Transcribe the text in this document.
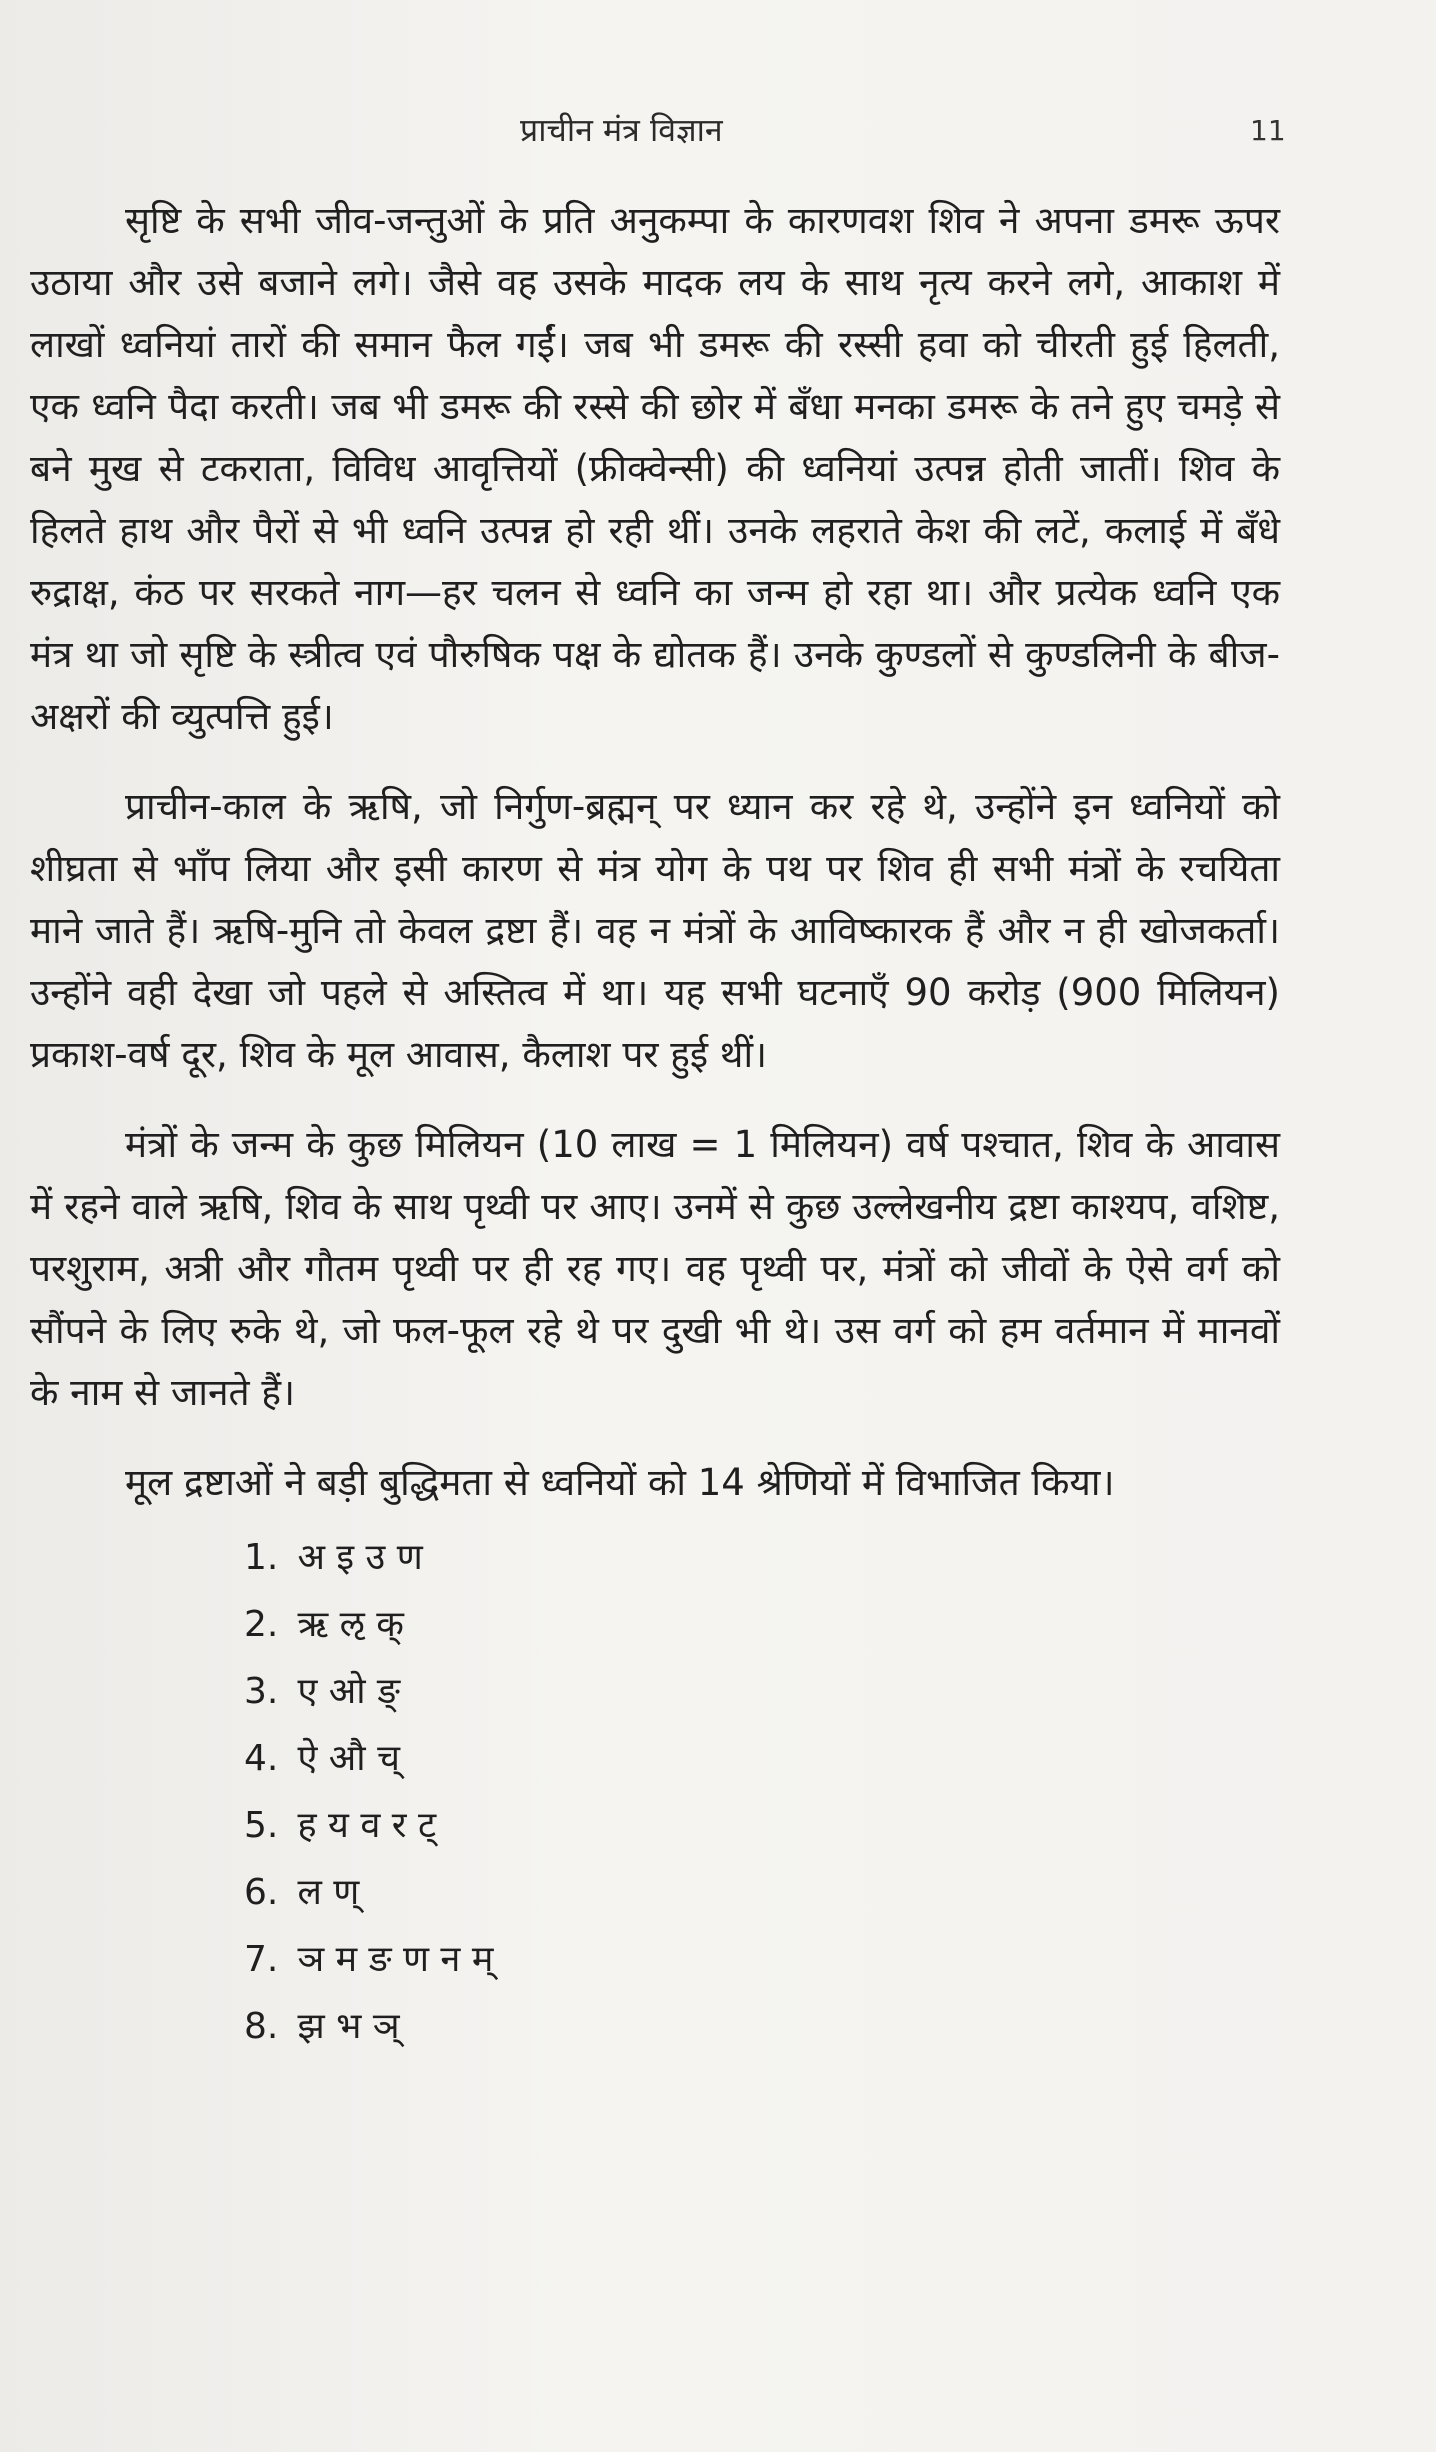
प्राचीन मंत्र विज्ञान	11

सृष्टि के सभी जीव-जन्तुओं के प्रति अनुकम्पा के कारणवश शिव ने अपना डमरू ऊपर उठाया और उसे बजाने लगे। जैसे वह उसके मादक लय के साथ नृत्य करने लगे, आकाश में लाखों ध्वनियां तारों की समान फैल गईं। जब भी डमरू की रस्सी हवा को चीरती हुई हिलती, एक ध्वनि पैदा करती। जब भी डमरू की रस्से की छोर में बँधा मनका डमरू के तने हुए चमड़े से बने मुख से टकराता, विविध आवृत्तियों (फ्रीक्वेन्सी) की ध्वनियां उत्पन्न होती जातीं। शिव के हिलते हाथ और पैरों से भी ध्वनि उत्पन्न हो रही थीं। उनके लहराते केश की लटें, कलाई में बँधे रुद्राक्ष, कंठ पर सरकते नाग—हर चलन से ध्वनि का जन्म हो रहा था। और प्रत्येक ध्वनि एक मंत्र था जो सृष्टि के स्त्रीत्व एवं पौरुषिक पक्ष के द्योतक हैं। उनके कुण्डलों से कुण्डलिनी के बीज-अक्षरों की व्युत्पत्ति हुई।

प्राचीन-काल के ऋषि, जो निर्गुण-ब्रह्मन् पर ध्यान कर रहे थे, उन्होंने इन ध्वनियों को शीघ्रता से भाँप लिया और इसी कारण से मंत्र योग के पथ पर शिव ही सभी मंत्रों के रचयिता माने जाते हैं। ऋषि-मुनि तो केवल द्रष्टा हैं। वह न मंत्रों के आविष्कारक हैं और न ही खोजकर्ता। उन्होंने वही देखा जो पहले से अस्तित्व में था। यह सभी घटनाएँ 90 करोड़ (900 मिलियन) प्रकाश-वर्ष दूर, शिव के मूल आवास, कैलाश पर हुई थीं।

मंत्रों के जन्म के कुछ मिलियन (10 लाख = 1 मिलियन) वर्ष पश्चात, शिव के आवास में रहने वाले ऋषि, शिव के साथ पृथ्वी पर आए। उनमें से कुछ उल्लेखनीय द्रष्टा काश्यप, वशिष्ट, परशुराम, अत्री और गौतम पृथ्वी पर ही रह गए। वह पृथ्वी पर, मंत्रों को जीवों के ऐसे वर्ग को सौंपने के लिए रुके थे, जो फल-फूल रहे थे पर दुखी भी थे। उस वर्ग को हम वर्तमान में मानवों के नाम से जानते हैं।

मूल द्रष्टाओं ने बड़ी बुद्धिमता से ध्वनियों को 14 श्रेणियों में विभाजित किया।

1. अ इ उ ण
2. ऋ ऌ क्
3. ए ओ ङ्
4. ऐ औ च्
5. ह य व र ट्
6. ल ण्
7. ञ म ङ ण न म्
8. झ भ ञ्
